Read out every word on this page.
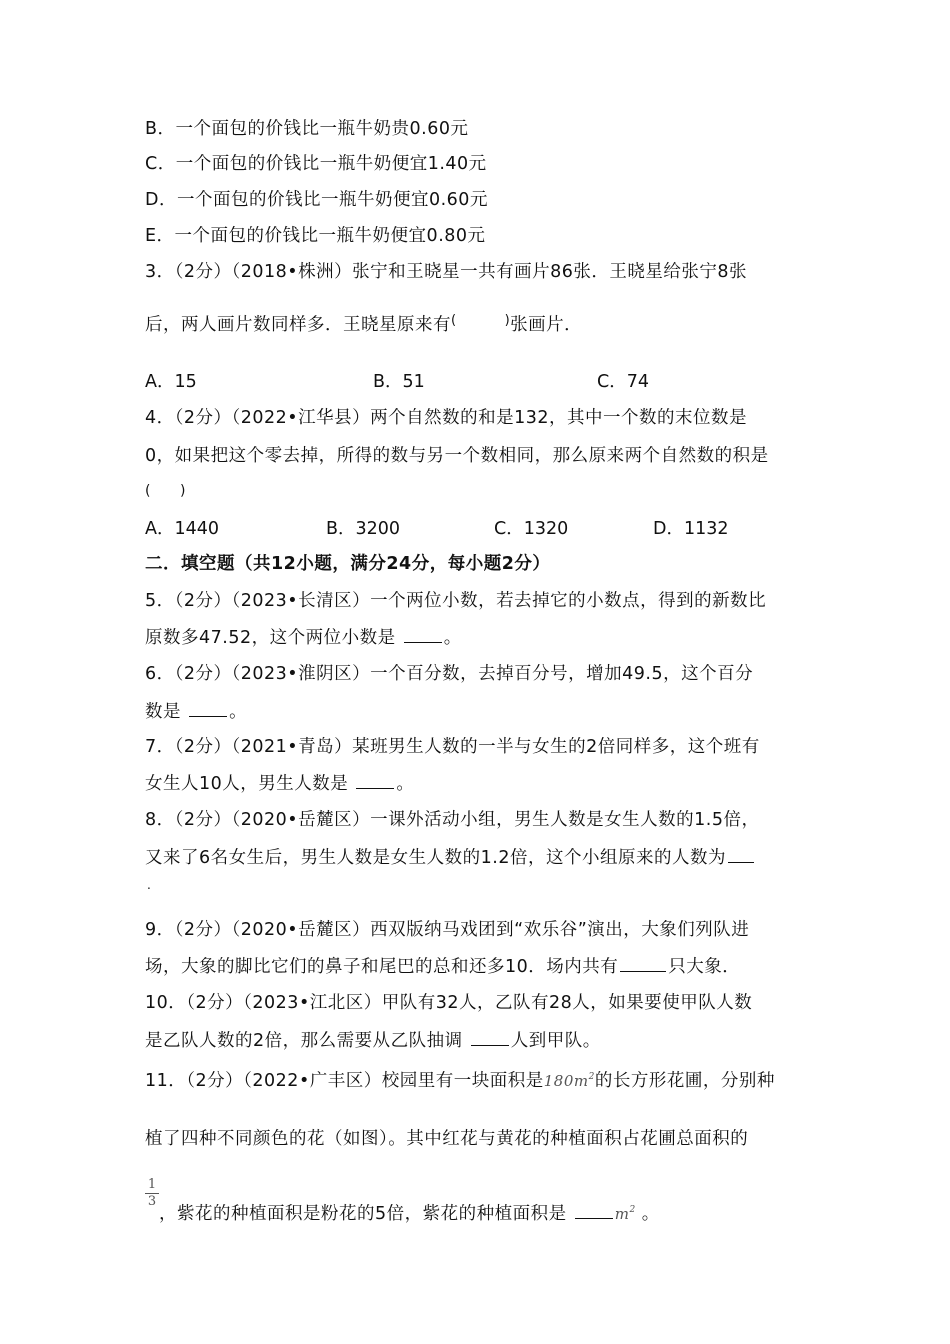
B．一个面包的价钱比一瓶牛奶贵0.60元
C．一个面包的价钱比一瓶牛奶便宜1.40元
D．一个面包的价钱比一瓶牛奶便宜0.60元
E．一个面包的价钱比一瓶牛奶便宜0.80元
3．（2分）（2018•株洲）张宁和王晓星一共有画片86张．王晓星给张宁8张
后，两人画片数同样多．王晓星原来有(	)张画片．
A．15	B．51	C．74
4．（2分）（2022•江华县）两个自然数的和是132，其中一个数的末位数是
0，如果把这个零去掉，所得的数与另一个数相同，那么原来两个自然数的积是
(　　)
A．1440	B．3200	C．1320	D．1132
二．填空题（共12小题，满分24分，每小题2分）
5．（2分）（2023•长清区）一个两位小数，若去掉它的小数点，得到的新数比
原数多47.52，这个两位小数是	。
6．（2分）（2023•淮阴区）一个百分数，去掉百分号，增加49.5，这个百分
数是	。
7．（2分）（2021•青岛）某班男生人数的一半与女生的2倍同样多，这个班有
女生人10人，男生人数是	。
8．（2分）（2020•岳麓区）一课外活动小组，男生人数是女生人数的1.5倍，
又来了6名女生后，男生人数是女生人数的1.2倍，这个小组原来的人数为
.
9．（2分）（2020•岳麓区）西双版纳马戏团到“欢乐谷”演出，大象们列队进
场，大象的脚比它们的鼻子和尾巴的总和还多10．场内共有	只大象．
10．（2分）（2023•江北区）甲队有32人，乙队有28人，如果要使甲队人数
是乙队人数的2倍，那么需要从乙队抽调	人到甲队。
11．（2分）（2022•广丰区）校园里有一块面积是$180m^2$的长方形花圃，分别种
植了四种不同颜色的花（如图）。其中红花与黄花的种植面积占花圃总面积的
1
3
，紫花的种植面积是粉花的5倍，紫花的种植面积是	$m^2$ 。
